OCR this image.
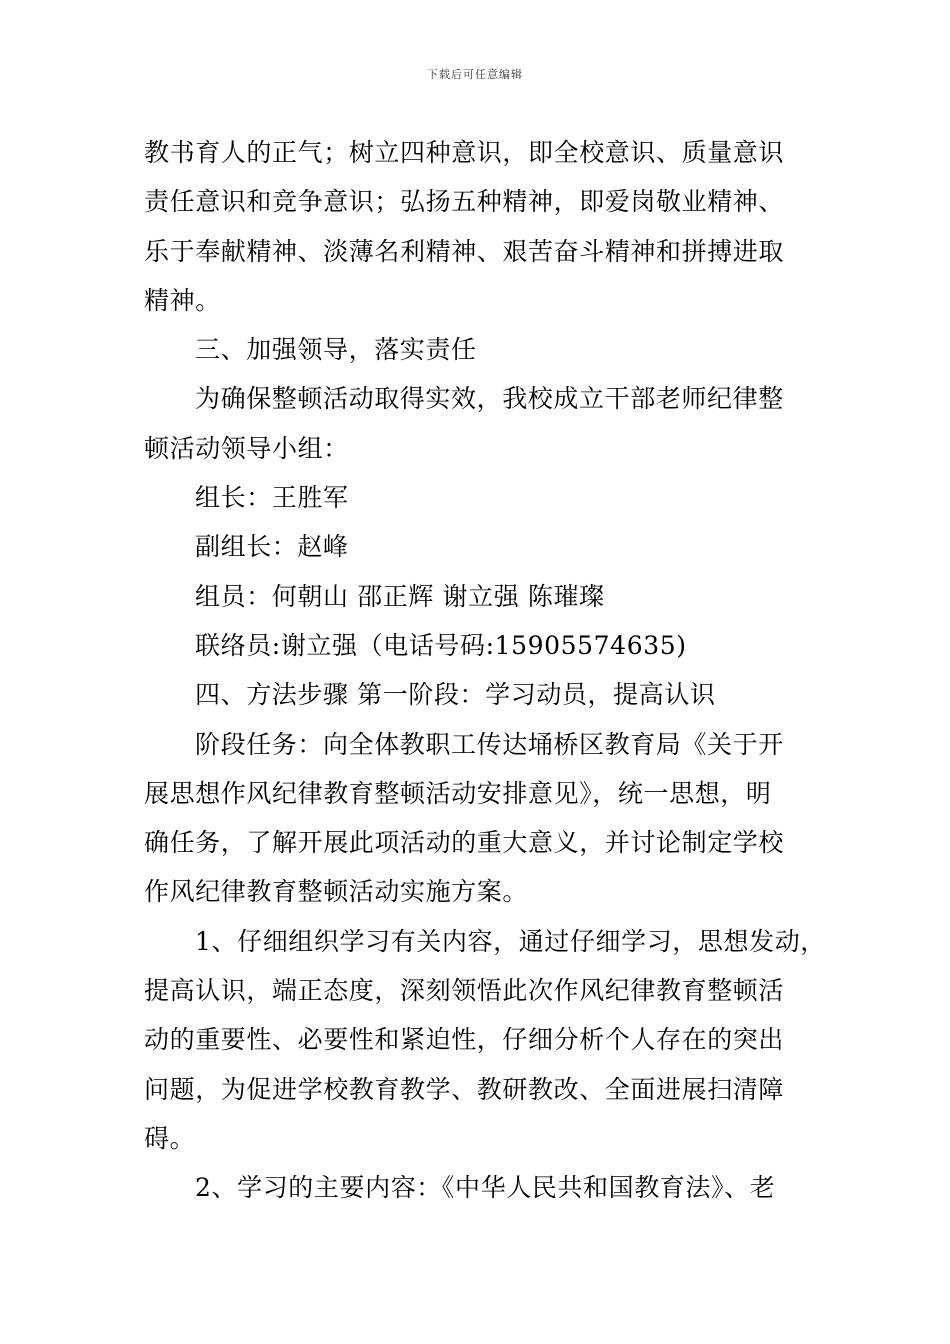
下载后可任意编辑
教书育人的正气；树立四种意识，即全校意识、质量意识
责任意识和竞争意识；弘扬五种精神，即爱岗敬业精神、
乐于奉献精神、淡薄名利精神、艰苦奋斗精神和拼搏进取
精神。
三、加强领导，落实责任
为确保整顿活动取得实效，我校成立干部老师纪律整
顿活动领导小组：
组长：王胜军
副组长：赵峰
组员：何朝山 邵正辉 谢立强 陈璀璨
联络员:谢立强（电话号码:15905574635)
四、方法步骤 第一阶段：学习动员，提高认识
阶段任务：向全体教职工传达埇桥区教育局《关于开
展思想作风纪律教育整顿活动安排意见》，统一思想，明
确任务，了解开展此项活动的重大意义，并讨论制定学校
作风纪律教育整顿活动实施方案。
1、仔细组织学习有关内容，通过仔细学习，思想发动，
提高认识，端正态度，深刻领悟此次作风纪律教育整顿活
动的重要性、必要性和紧迫性，仔细分析个人存在的突出
问题，为促进学校教育教学、教研教改、全面进展扫清障
碍。
2、学习的主要内容：《中华人民共和国教育法》、老
